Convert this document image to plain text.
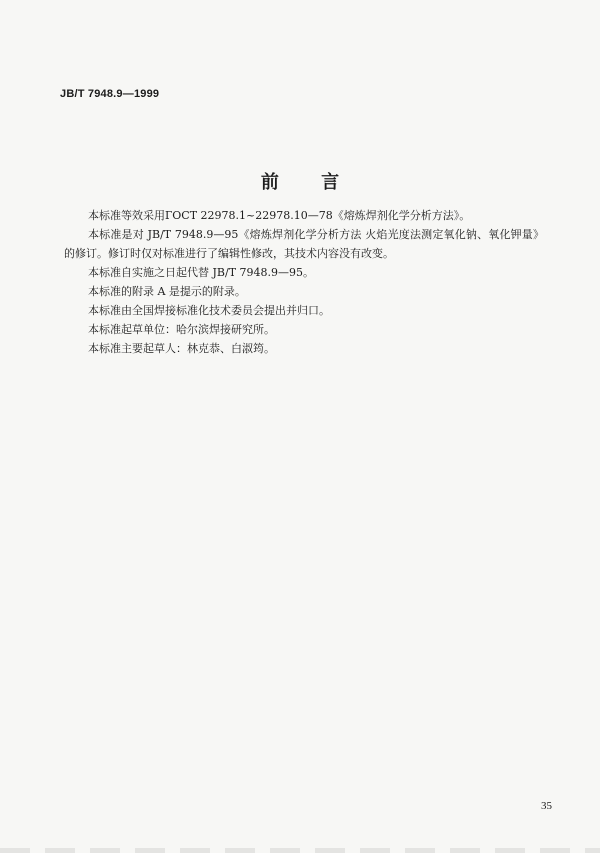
JB/T 7948.9—1999
前 言

本标准等效采用ГOCT 22978.1~22978.10—78《熔炼焊剂化学分析方法》。

本标准是对 JB/T 7948.9—95《熔炼焊剂化学分析方法 火焰光度法测定氧化钠、氧化钾量》的修订。修订时仅对标准进行了编辑性修改，其技术内容没有改变。

本标准自实施之日起代替 JB/T 7948.9—95。

本标准的附录 A 是提示的附录。

本标准由全国焊接标准化技术委员会提出并归口。

本标准起草单位：哈尔滨焊接研究所。

本标准主要起草人：林克恭、白淑筠。

35
